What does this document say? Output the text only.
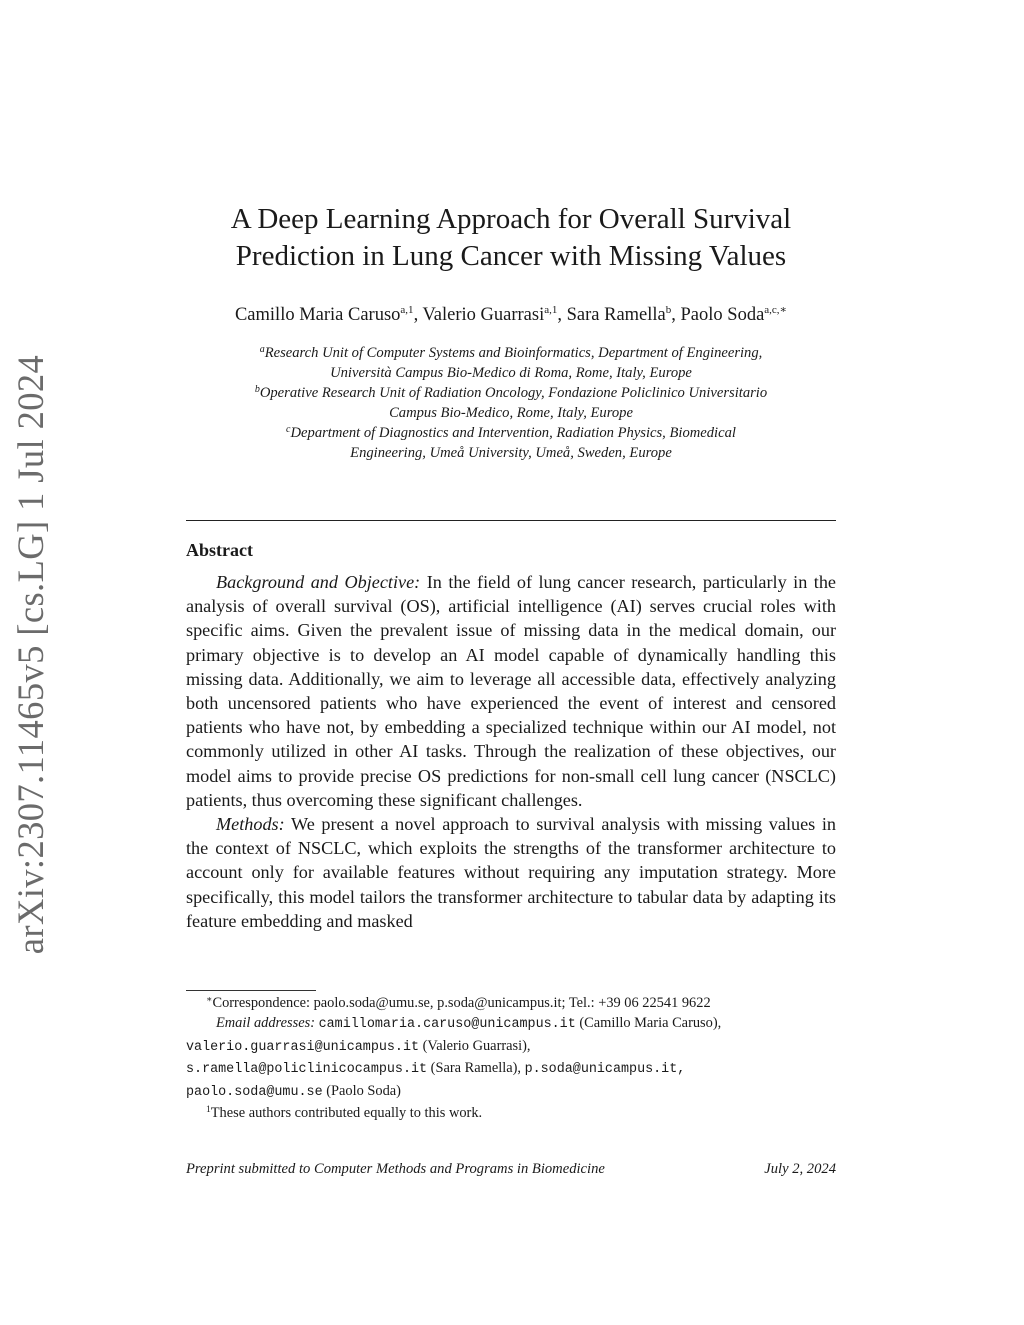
arXiv:2307.11465v5 [cs.LG] 1 Jul 2024
A Deep Learning Approach for Overall Survival
Prediction in Lung Cancer with Missing Values
Camillo Maria Caruso$^{a,1}$, Valerio Guarrasi$^{a,1}$, Sara Ramella$^b$, Paolo Soda$^{a,c,∗}$
$^a$Research Unit of Computer Systems and Bioinformatics, Department of Engineering,
Università Campus Bio-Medico di Roma, Rome, Italy, Europe
$^b$Operative Research Unit of Radiation Oncology, Fondazione Policlinico Universitario
Campus Bio-Medico, Rome, Italy, Europe
$^c$Department of Diagnostics and Intervention, Radiation Physics, Biomedical
Engineering, Umeå University, Umeå, Sweden, Europe
Abstract

Background and Objective: In the field of lung cancer research, particularly in the analysis of overall survival (OS), artificial intelligence (AI) serves crucial roles with specific aims. Given the prevalent issue of missing data in the medical domain, our primary objective is to develop an AI model capable of dynamically handling this missing data. Additionally, we aim to leverage all accessible data, effectively analyzing both uncensored patients who have experienced the event of interest and censored patients who have not, by embedding a specialized technique within our AI model, not commonly utilized in other AI tasks. Through the realization of these objectives, our model aims to provide precise OS predictions for non-small cell lung cancer (NSCLC) patients, thus overcoming these significant challenges.

Methods: We present a novel approach to survival analysis with missing values in the context of NSCLC, which exploits the strengths of the transformer architecture to account only for available features without requiring any imputation strategy. More specifically, this model tailors the transformer architecture to tabular data by adapting its feature embedding and masked

∗Correspondence: paolo.soda@umu.se, p.soda@unicampus.it; Tel.: +39 06 22541 9622
Email addresses: camillomaria.caruso@unicampus.it (Camillo Maria Caruso),
valerio.guarrasi@unicampus.it (Valerio Guarrasi),
s.ramella@policlinicocampus.it (Sara Ramella), p.soda@unicampus.it,
paolo.soda@umu.se (Paolo Soda)
$^1$These authors contributed equally to this work.
Preprint submitted to Computer Methods and Programs in Biomedicine	July 2, 2024
